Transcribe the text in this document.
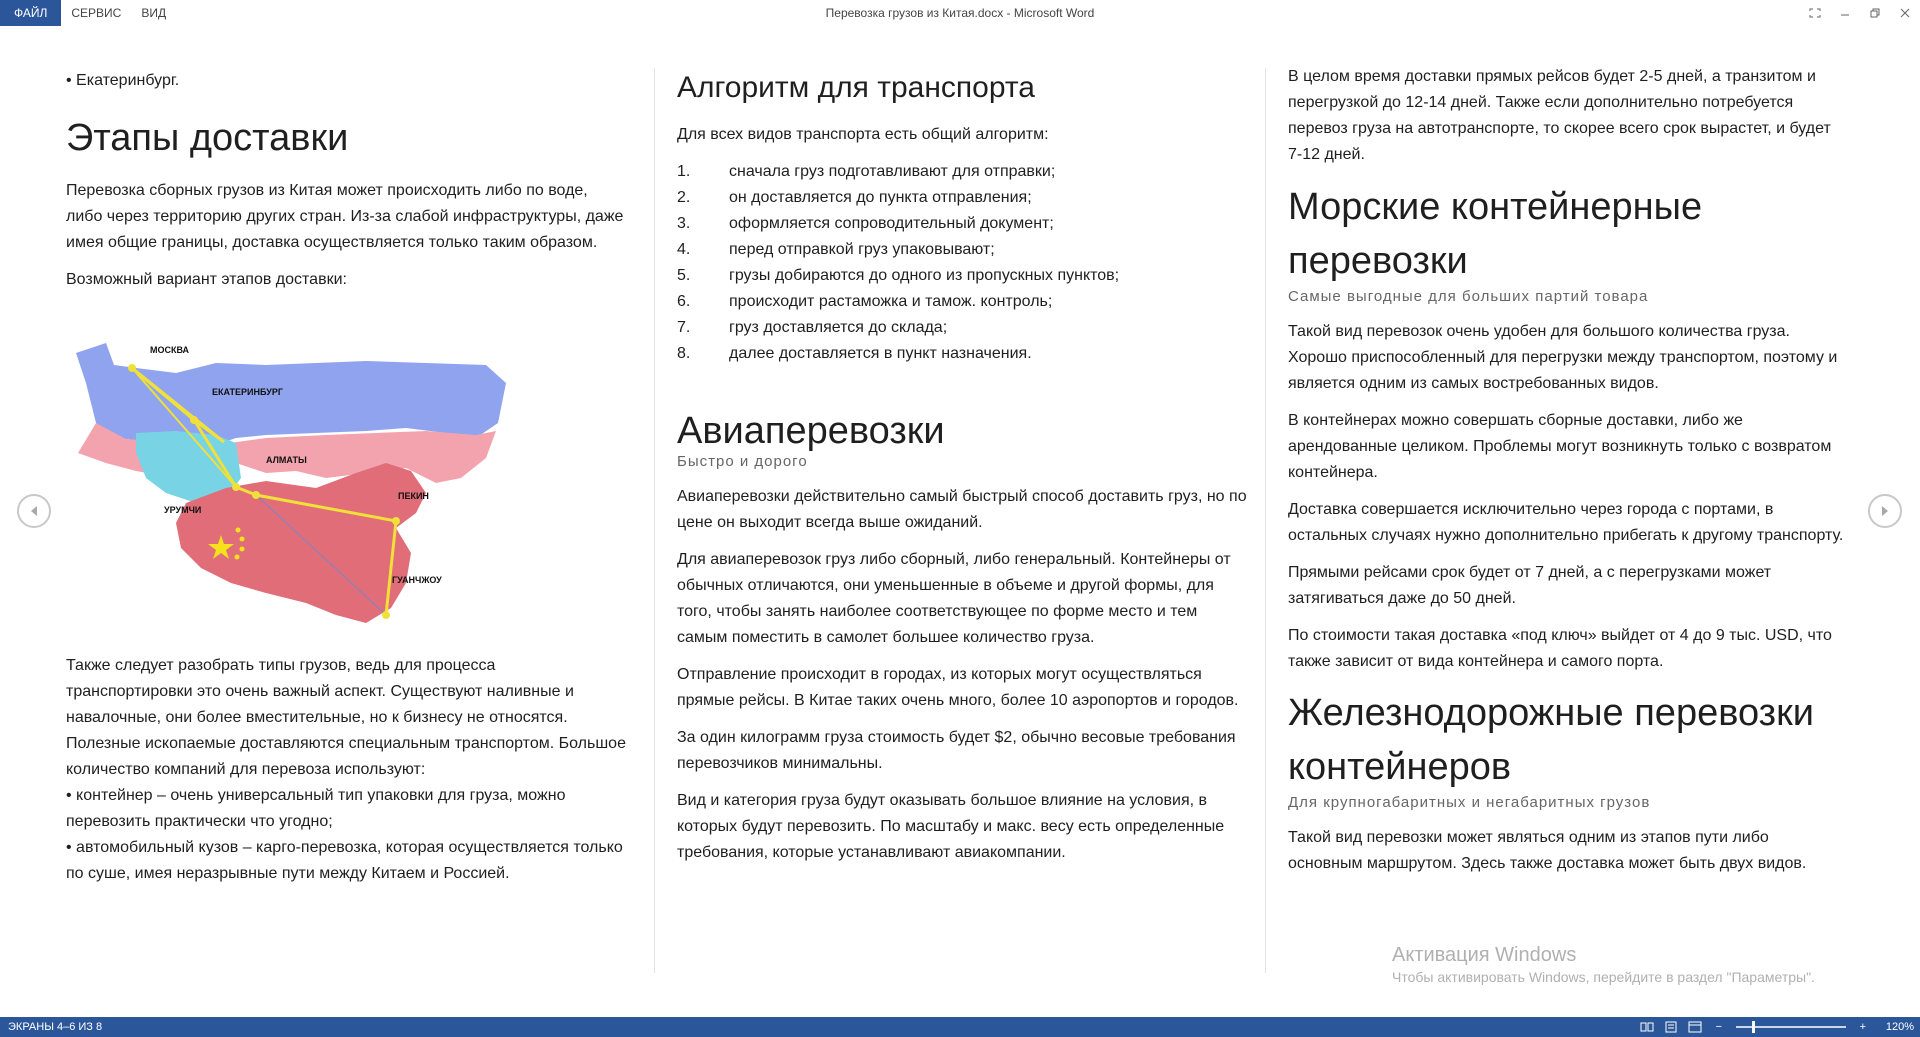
ФАЙЛ	СЕРВИС	ВИД	Перевозка грузов из Китая.docx - Microsoft Word

• Екатеринбург.

Этапы доставки

Перевозка сборных грузов из Китая может происходить либо по воде, либо через территорию других стран. Из-за слабой инфраструктуры, даже имея общие границы, доставка осуществляется только таким образом.

Возможный вариант этапов доставки:

МОСКВА
ЕКАТЕРИНБУРГ
АЛМАТЫ
УРУМЧИ
ПЕКИН
ГУАНЧЖОУ

Также следует разобрать типы грузов, ведь для процесса транспортировки это очень важный аспект. Существуют наливные и навалочные, они более вместительные, но к бизнесу не относятся. Полезные ископаемые доставляются специальным транспортом. Большое количество компаний для перевоза используют:

• контейнер – очень универсальный тип упаковки для груза, можно перевозить практически что угодно;

• автомобильный кузов – карго-перевозка, которая осуществляется только по суше, имея неразрывные пути между Китаем и Россией.

Алгоритм для транспорта

Для всех видов транспорта есть общий алгоритм:

1.	сначала груз подготавливают для отправки;
2.	он доставляется до пункта отправления;
3.	оформляется сопроводительный документ;
4.	перед отправкой груз упаковывают;
5.	грузы добираются до одного из пропускных пунктов;
6.	происходит растаможка и тамож. контроль;
7.	груз доставляется до склада;
8.	далее доставляется в пункт назначения.
Авиаперевозки

Быстро и дорого

Авиаперевозки действительно самый быстрый способ доставить груз, но по цене он выходит всегда выше ожиданий.

Для авиаперевозок груз либо сборный, либо генеральный. Контейнеры от обычных отличаются, они уменьшенные в объеме и другой формы, для того, чтобы занять наиболее соответствующее по форме место и тем самым поместить в самолет большее количество груза.

Отправление происходит в городах, из которых могут осуществляться прямые рейсы. В Китае таких очень много, более 10 аэропортов и городов.

За один килограмм груза стоимость будет $2, обычно весовые требования перевозчиков минимальны.

Вид и категория груза будут оказывать большое влияние на условия, в которых будут перевозить. По масштабу и макс. весу есть определенные требования, которые устанавливают авиакомпании.

В целом время доставки прямых рейсов будет 2-5 дней, а транзитом и перегрузкой до 12-14 дней. Также если дополнительно потребуется перевоз груза на автотранспорте, то скорее всего срок вырастет, и будет 7-12 дней.

Морские контейнерные перевозки

Самые выгодные для больших партий товара

Такой вид перевозок очень удобен для большого количества груза. Хорошо приспособленный для перегрузки между транспортом, поэтому и является одним из самых востребованных видов.

В контейнерах можно совершать сборные доставки, либо же арендованные целиком. Проблемы могут возникнуть только с возвратом контейнера.

Доставка совершается исключительно через города с портами, в остальных случаях нужно дополнительно прибегать к другому транспорту.

Прямыми рейсами срок будет от 7 дней, а с перегрузками может затягиваться даже до 50 дней.

По стоимости такая доставка «под ключ» выйдет от 4 до 9 тыс. USD, что также зависит от вида контейнера и самого порта.

Железнодорожные перевозки контейнеров

Для крупногабаритных и негабаритных грузов

Такой вид перевозки может являться одним из этапов пути либо основным маршрутом. Здесь также доставка может быть двух видов.

Активация Windows
Чтобы активировать Windows, перейдите в раздел "Параметры".
ЭКРАНЫ 4–6 ИЗ 8	−	+	120%
